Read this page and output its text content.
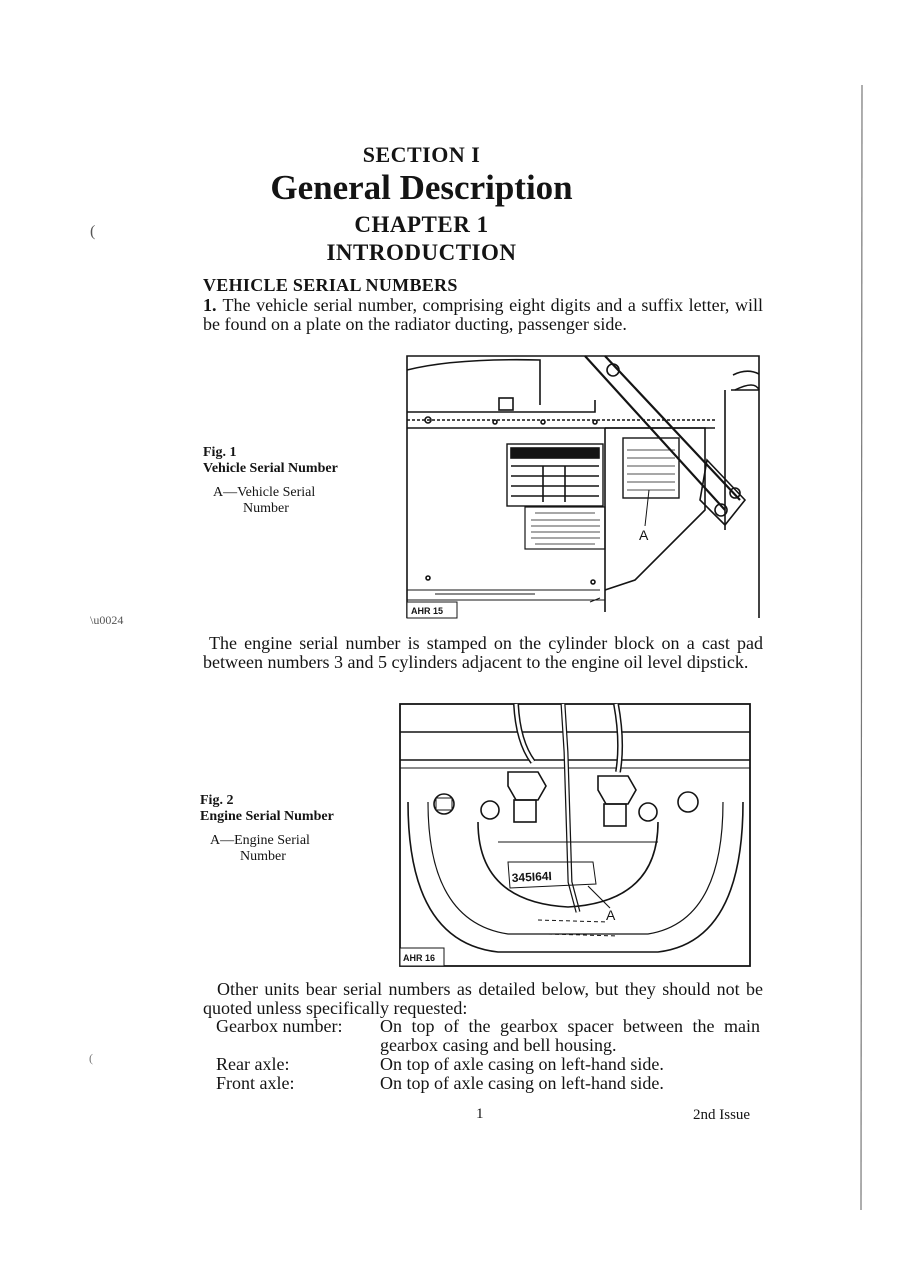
(
\u0024
(
SECTION I
General Description
CHAPTER 1
INTRODUCTION
VEHICLE SERIAL NUMBERS
1. The vehicle serial number, comprising eight digits and a suffix letter, will be found on a plate on the radiator ducting, passenger side.
AHR 15
A
Fig. 1
Vehicle Serial Number
A—Vehicle Serial
Number
The engine serial number is stamped on the cylinder block on a cast pad between numbers 3 and 5 cylinders adjacent to the engine oil level dipstick.
345I64I
AHR 16
A
Fig. 2
Engine Serial Number
A—Engine Serial
Number
Other units bear serial numbers as detailed below, but they should not be quoted unless specifically requested:
Gearbox number:	On top of the gearbox spacer between the main gearbox casing and bell housing.
Rear axle:	On top of axle casing on left-hand side.
Front axle:	On top of axle casing on left-hand side.
1	2nd Issue
